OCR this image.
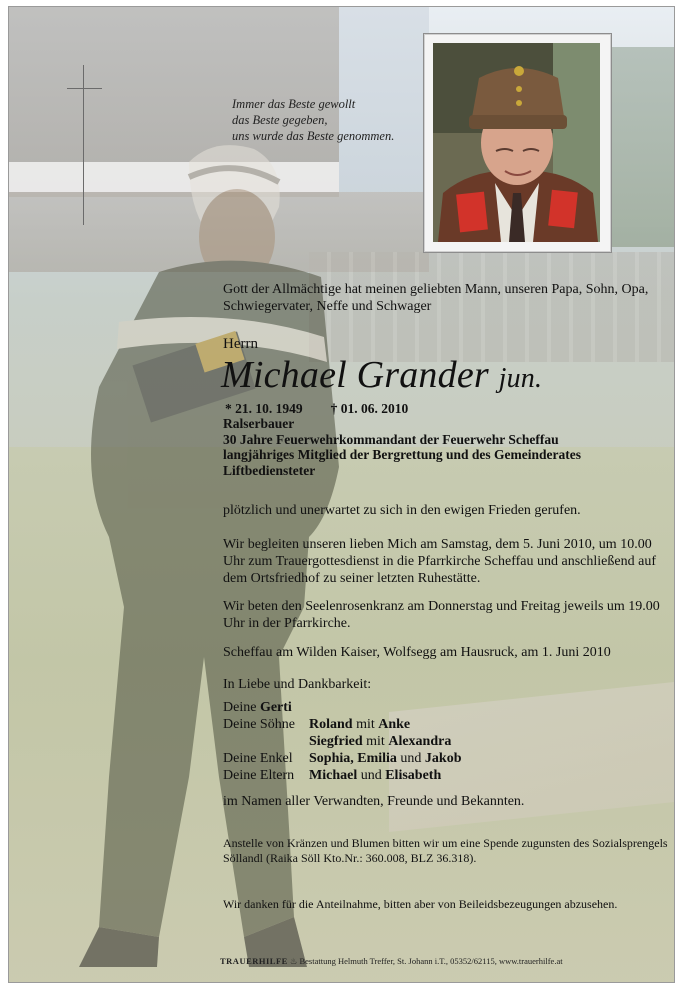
Immer das Beste gewollt
das Beste gegeben,
uns wurde das Beste genommen.
Gott der Allmächtige hat meinen geliebten Mann, unseren Papa, Sohn, Opa, Schwiegervater, Neffe und Schwager
Herrn
Michael Grander jun.
* 21. 10. 1949 † 01. 06. 2010
Ralserbauer
30 Jahre Feuerwehrkommandant der Feuerwehr Scheffau
langjähriges Mitglied der Bergrettung und des Gemeinderates
Liftbediensteter
plötzlich und unerwartet zu sich in den ewigen Frieden gerufen.
Wir begleiten unseren lieben Mich am Samstag, dem 5. Juni 2010, um 10.00 Uhr zum Trauergottesdienst in die Pfarrkirche Scheffau und anschließend auf dem Ortsfriedhof zu seiner letzten Ruhestätte.
Wir beten den Seelenrosenkranz am Donnerstag und Freitag jeweils um 19.00 Uhr in der Pfarrkirche.
Scheffau am Wilden Kaiser, Wolfsegg am Hausruck, am 1. Juni 2010
In Liebe und Dankbarkeit:
Deine Gerti
Deine Söhne Roland mit Anke
Siegfried mit Alexandra
Deine Enkel Sophia, Emilia und Jakob
Deine Eltern Michael und Elisabeth
im Namen aller Verwandten, Freunde und Bekannten.
Anstelle von Kränzen und Blumen bitten wir um eine Spende zugunsten des Sozialsprengels Söllandl (Raika Söll Kto.Nr.: 360.008, BLZ 36.318).
Wir danken für die Anteilnahme, bitten aber von Beileidsbezeugungen abzusehen.
TRAUERHILFE ♨ Bestattung Helmuth Treffer, St. Johann i.T., 05352/62115, www.trauerhilfe.at
